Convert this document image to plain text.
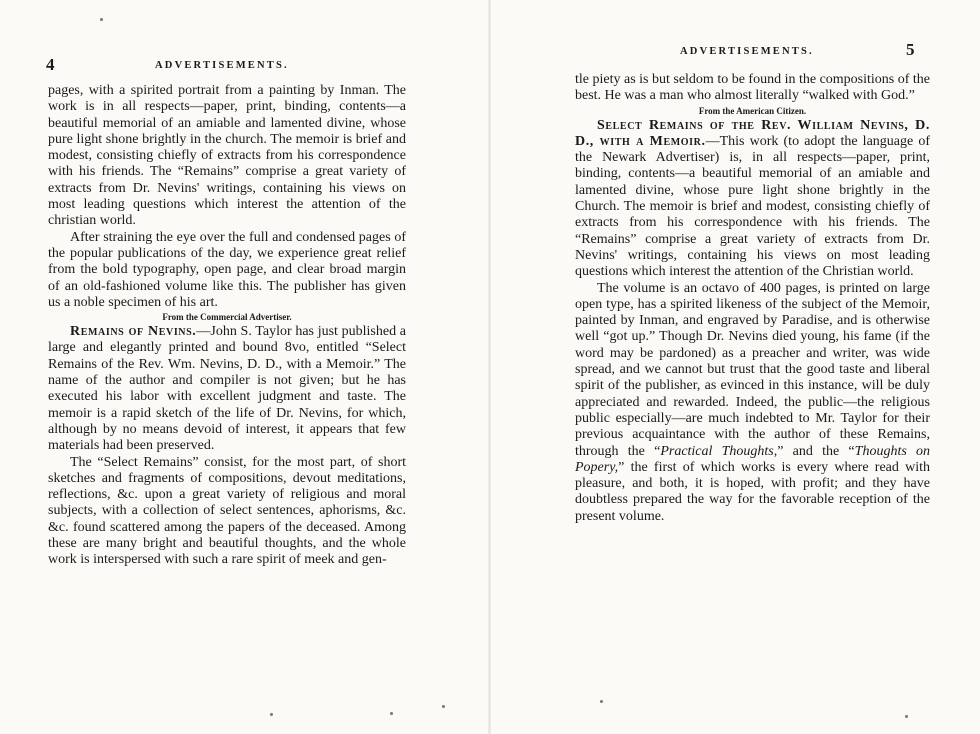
4	ADVERTISEMENTS.

pages, with a spirited portrait from a painting by Inman. The work is in all respects—paper, print, binding, contents—a beautiful memorial of an amiable and lamented divine, whose pure light shone brightly in the church. The memoir is brief and modest, consisting chiefly of extracts from his correspondence with his friends. The “Remains” comprise a great variety of extracts from Dr. Nevins' writings, containing his views on most leading questions which interest the attention of the christian world.

After straining the eye over the full and condensed pages of the popular publications of the day, we experience great relief from the bold typography, open page, and clear broad margin of an old-fashioned volume like this. The publisher has given us a noble specimen of his art.

From the Commercial Advertiser.

Remains of Nevins.—John S. Taylor has just published a large and elegantly printed and bound 8vo, entitled “Select Remains of the Rev. Wm. Nevins, D. D., with a Memoir.” The name of the author and compiler is not given; but he has executed his labor with excellent judgment and taste. The memoir is a rapid sketch of the life of Dr. Nevins, for which, although by no means devoid of interest, it appears that few materials had been preserved.

The “Select Remains” consist, for the most part, of short sketches and fragments of compositions, devout meditations, reflections, &c. upon a great variety of religious and moral subjects, with a collection of select sentences, aphorisms, &c. &c. found scattered among the papers of the deceased. Among these are many bright and beautiful thoughts, and the whole work is interspersed with such a rare spirit of meek and gen-

ADVERTISEMENTS.	5

tle piety as is but seldom to be found in the compositions of the best. He was a man who almost literally “walked with God.”

From the American Citizen.

Select Remains of the Rev. William Nevins, D. D., with a Memoir.—This work (to adopt the language of the Newark Advertiser) is, in all respects—paper, print, binding, contents—a beautiful memorial of an amiable and lamented divine, whose pure light shone brightly in the Church. The memoir is brief and modest, consisting chiefly of extracts from his correspondence with his friends. The “Remains” comprise a great variety of extracts from Dr. Nevins' writings, containing his views on most leading questions which interest the attention of the Christian world.

The volume is an octavo of 400 pages, is printed on large open type, has a spirited likeness of the subject of the Memoir, painted by Inman, and engraved by Paradise, and is otherwise well “got up.” Though Dr. Nevins died young, his fame (if the word may be pardoned) as a preacher and writer, was wide spread, and we cannot but trust that the good taste and liberal spirit of the publisher, as evinced in this instance, will be duly appreciated and rewarded. Indeed, the public—the religious public especially—are much indebted to Mr. Taylor for their previous acquaintance with the author of these Remains, through the “Practical Thoughts,” and the “Thoughts on Popery,” the first of which works is every where read with pleasure, and both, it is hoped, with profit; and they have doubtless prepared the way for the favorable reception of the present volume.
